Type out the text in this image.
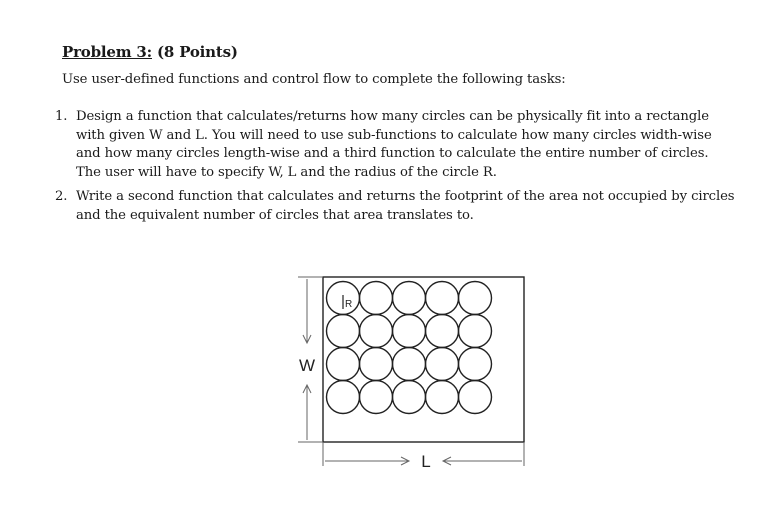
Problem 3: (8 Points)
Use user-defined functions and control flow to complete the following tasks:
1. Design a function that calculates/returns how many circles can be physically fit into a rectangle
with given W and L. You will need to use sub-functions to calculate how many circles width-wise
and how many circles length-wise and a third function to calculate the entire number of circles.
The user will have to specify W, L and the radius of the circle R.
2. Write a second function that calculates and returns the footprint of the area not occupied by circles
and the equivalent number of circles that area translates to.
R
W
L
